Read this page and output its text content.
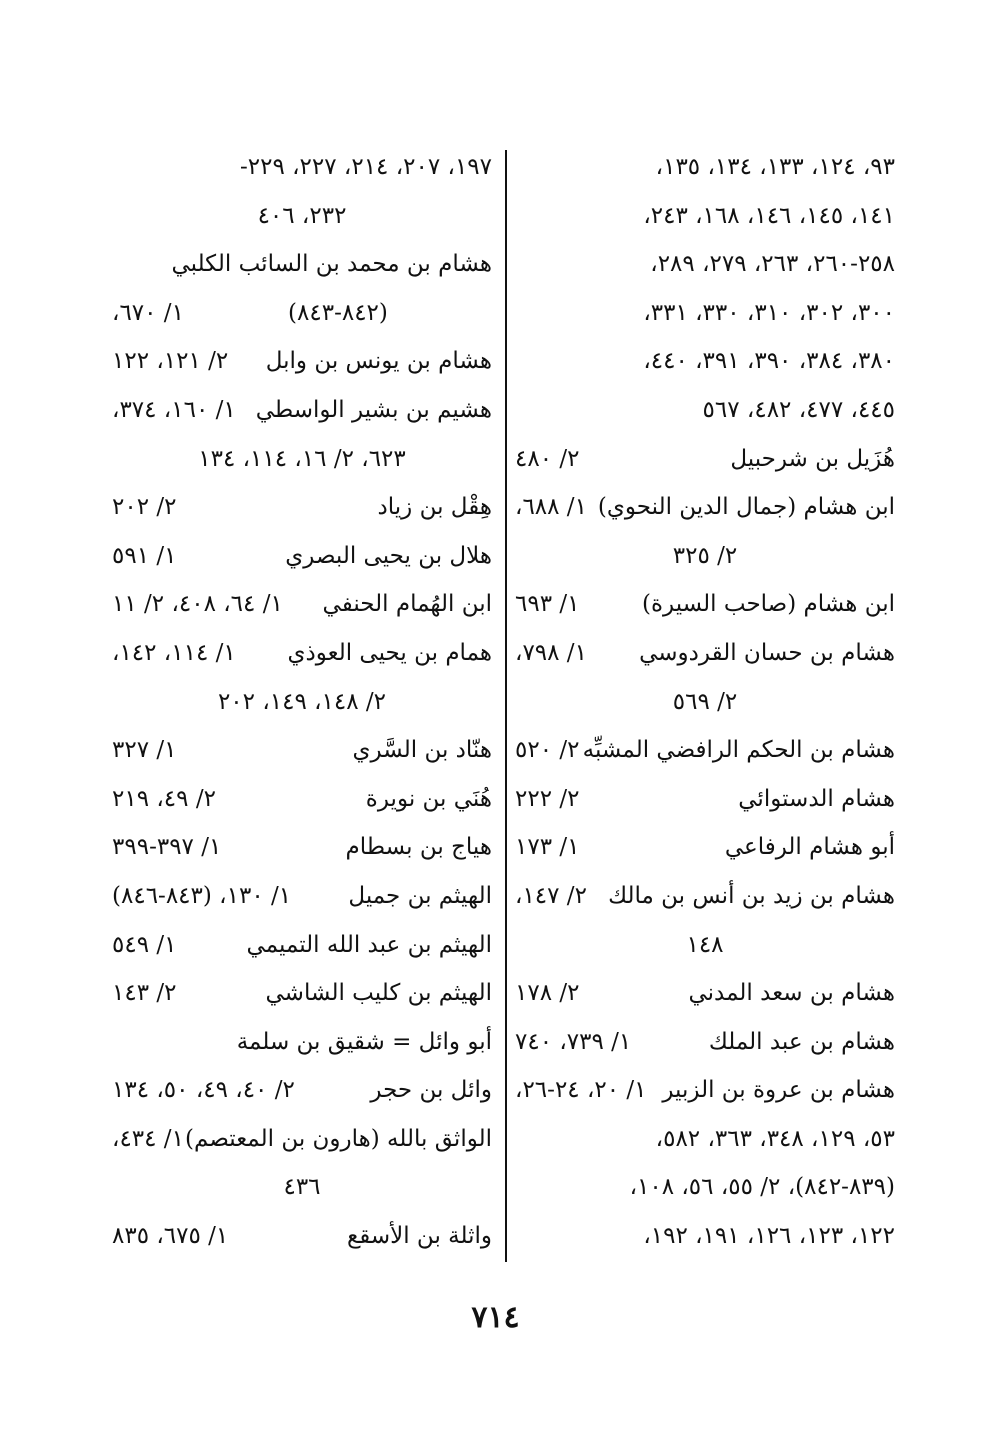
٩٣، ١٢٤، ١٣٣، ١٣٤، ١٣٥،
١٤١، ١٤٥، ١٤٦، ١٦٨، ٢٤٣،
٢٥٨-٢٦٠، ٢٦٣، ٢٧٩، ٢٨٩،
٣٠٠، ٣٠٢، ٣١٠، ٣٣٠، ٣٣١،
٣٨٠، ٣٨٤، ٣٩٠، ٣٩١، ٤٤٠،
٤٤٥، ٤٧٧، ٤٨٢، ٥٦٧
هُزَيل بن شرحبيل
٢/ ٤٨٠
ابن هشام (جمال الدين النحوي)
١/ ٦٨٨،
٢/ ٣٢٥
ابن هشام (صاحب السيرة)
١/ ٦٩٣
هشام بن حسان القردوسي
١/ ٧٩٨،
٢/ ٥٦٩
هشام بن الحكم الرافضي المشبِّه
٢/ ٥٢٠
هشام الدستوائي
٢/ ٢٢٢
أبو هشام الرفاعي
١/ ١٧٣
هشام بن زيد بن أنس بن مالك
٢/ ١٤٧،
١٤٨
هشام بن سعد المدني
٢/ ١٧٨
هشام بن عبد الملك
١/ ٧٣٩، ٧٤٠
هشام بن عروة بن الزبير
١/ ٢٠، ٢٤-٢٦،
٥٣، ١٢٩، ٣٤٨، ٣٦٣، ٥٨٢،
(٨٣٩-٨٤٢)، ٢/ ٥٥، ٥٦، ١٠٨،
١٢٢، ١٢٣، ١٢٦، ١٩١، ١٩٢،
١٩٧، ٢٠٧، ٢١٤، ٢٢٧، ٢٢٩-
٢٣٢، ٤٠٦
هشام بن محمد بن السائب الكلبي
١/ ٦٧٠،	(٨٤٢-٨٤٣)
هشام بن يونس بن وابل
٢/ ١٢١، ١٢٢
هشيم بن بشير الواسطي
١/ ١٦٠، ٣٧٤،
٦٢٣، ٢/ ١٦، ١١٤، ١٣٤
هِقْل بن زياد
٢/ ٢٠٢
هلال بن يحيى البصري
١/ ٥٩١
ابن الهُمام الحنفي
١/ ٦٤، ٤٠٨، ٢/ ١١
همام بن يحيى العوذي
١/ ١١٤، ١٤٢،
٢/ ١٤٨، ١٤٩، ٢٠٢
هنّاد بن السَّري
١/ ٣٢٧
هُنَي بن نويرة
٢/ ٤٩، ٢١٩
هياج بن بسطام
١/ ٣٩٧-٣٩٩
الهيثم بن جميل
١/ ١٣٠، (٨٤٣-٨٤٦)
الهيثم بن عبد الله التميمي
١/ ٥٤٩
الهيثم بن كليب الشاشي
٢/ ١٤٣
أبو وائل = شقيق بن سلمة
وائل بن حجر
٢/ ٤٠، ٤٩، ٥٠، ١٣٤
الواثق بالله (هارون بن المعتصم)
١/ ٤٣٤،
٤٣٦
واثلة بن الأسقع
١/ ٦٧٥، ٨٣٥
٧١٤
